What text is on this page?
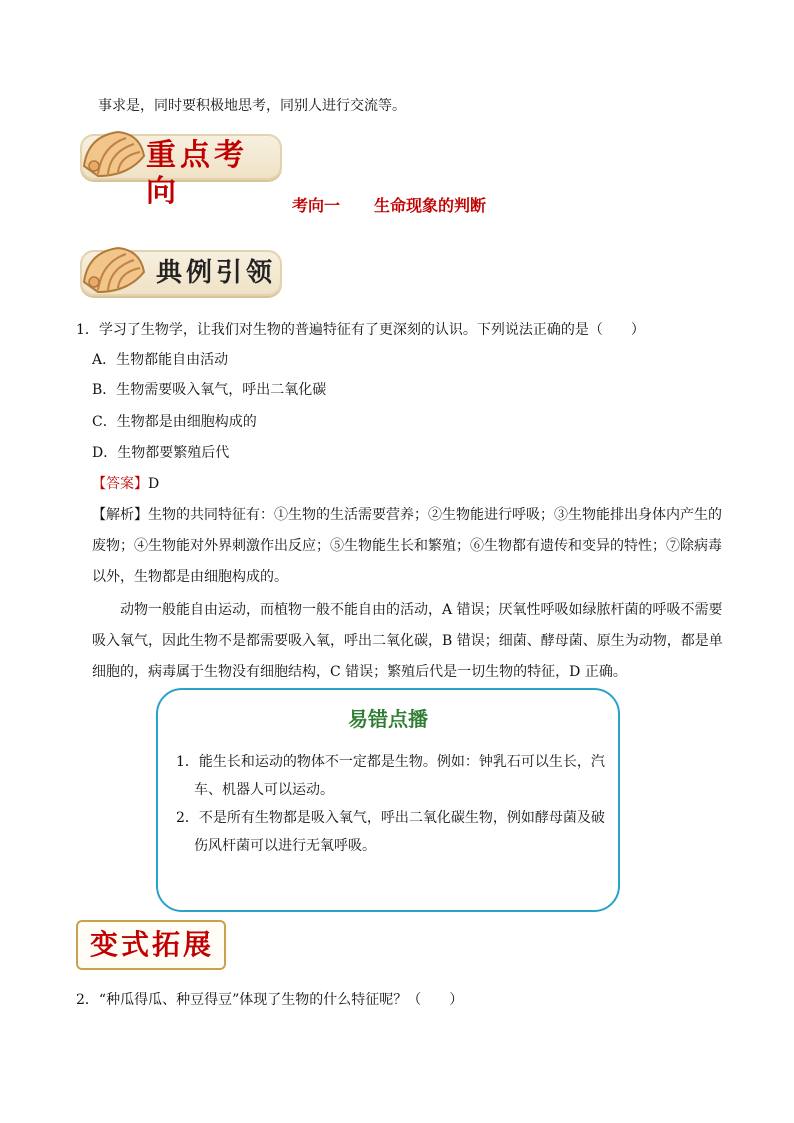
事求是，同时要积极地思考，同别人进行交流等。
重点考向	考向一 生命现象的判断
典例引领
1．学习了生物学，让我们对生物的普遍特征有了更深刻的认识。下列说法正确的是（　　）
A．生物都能自由活动
B．生物需要吸入氧气，呼出二氧化碳
C．生物都是由细胞构成的
D．生物都要繁殖后代
【答案】D
【解析】生物的共同特征有：①生物的生活需要营养；②生物能进行呼吸；③生物能排出身体内产生的
废物；④生物能对外界刺激作出反应；⑤生物能生长和繁殖；⑥生物都有遗传和变异的特性；⑦除病毒
以外，生物都是由细胞构成的。
动物一般能自由运动，而植物一般不能自由的活动，A 错误；厌氧性呼吸如绿脓杆菌的呼吸不需要
吸入氧气，因此生物不是都需要吸入氧，呼出二氧化碳，B 错误；细菌、酵母菌、原生为动物，都是单
细胞的，病毒属于生物没有细胞结构，C 错误；繁殖后代是一切生物的特征，D 正确。
易错点播
1．能生长和运动的物体不一定都是生物。例如：钟乳石可以生长，汽
车、机器人可以运动。
2．不是所有生物都是吸入氧气，呼出二氧化碳生物，例如酵母菌及破
伤风杆菌可以进行无氧呼吸。
变式拓展
2．“种瓜得瓜、种豆得豆”体现了生物的什么特征呢？（　　）
